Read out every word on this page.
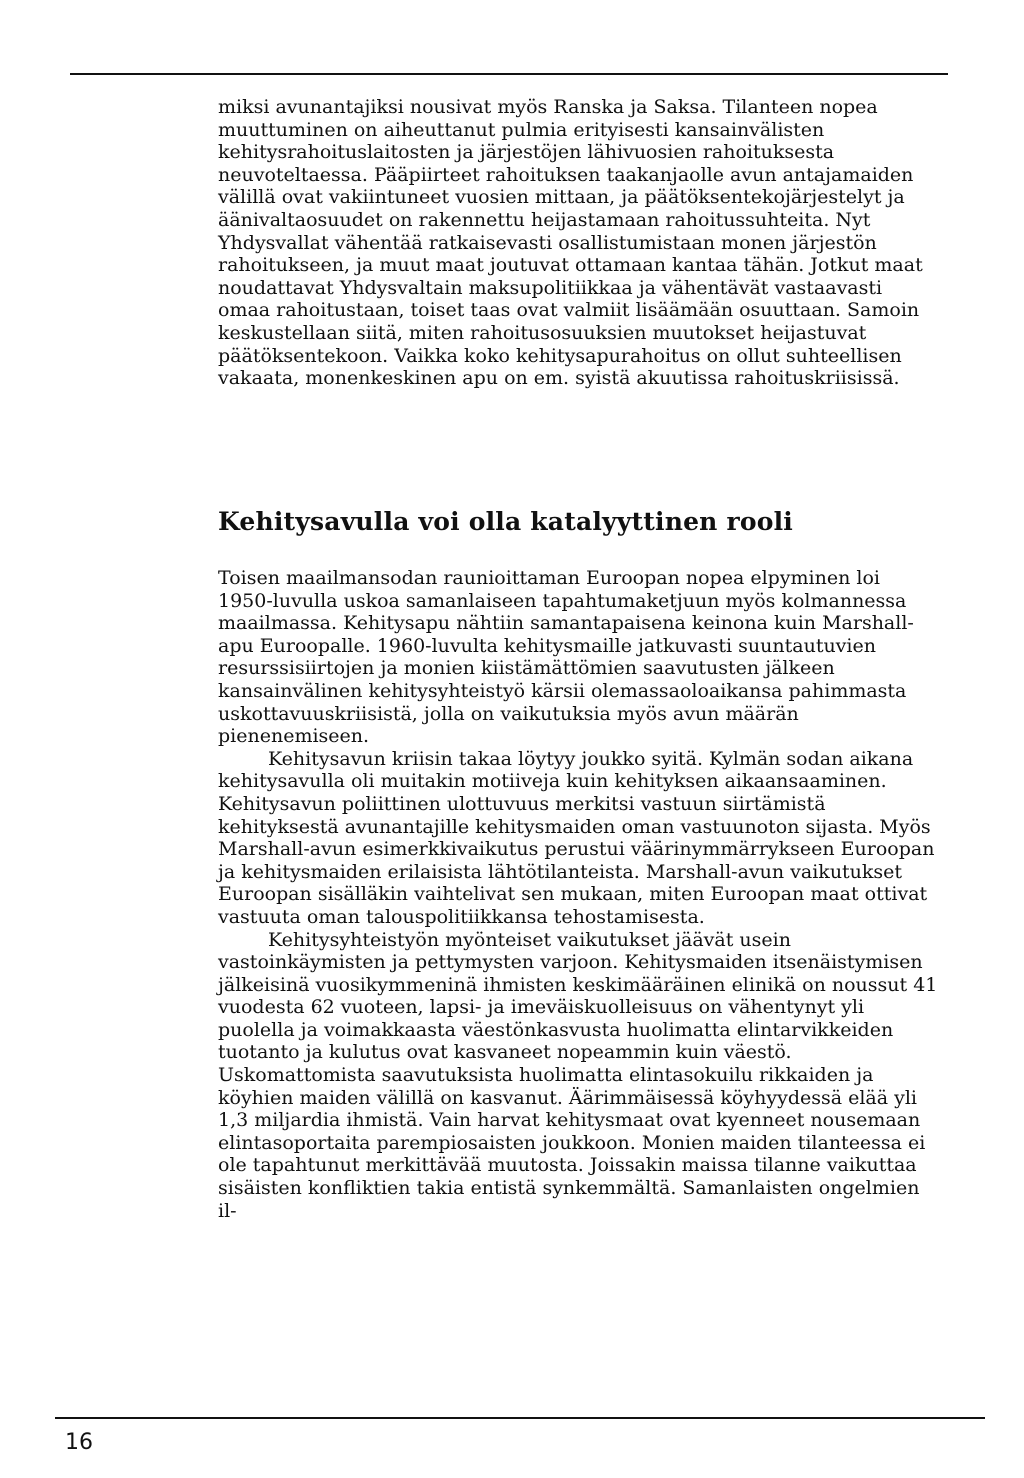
miksi avunantajiksi nousivat myös Ranska ja Saksa. Tilanteen nopea muuttuminen on aiheuttanut pulmia erityisesti kansainvälisten kehitysrahoituslaitosten ja järjestöjen lähivuosien rahoituksesta neuvoteltaessa. Pääpiirteet rahoituksen taakanjaolle avun antajamaiden välillä ovat vakiintuneet vuosien mittaan, ja päätöksentekojärjestelyt ja äänivaltaosuudet on rakennettu heijastamaan rahoitussuhteita. Nyt Yhdysvallat vähentää ratkaisevasti osallistumistaan monen järjestön rahoitukseen, ja muut maat joutuvat ottamaan kantaa tähän. Jotkut maat noudattavat Yhdysvaltain maksupolitiikkaa ja vähentävät vastaavasti omaa rahoitustaan, toiset taas ovat valmiit lisäämään osuuttaan. Samoin keskustellaan siitä, miten rahoitusosuuksien muutokset heijastuvat päätöksentekoon. Vaikka koko kehitysapurahoitus on ollut suhteellisen vakaata, monenkeskinen apu on em. syistä akuutissa rahoituskriisissä.

Kehitysavulla voi olla katalyyttinen rooli

Toisen maailmansodan raunioittaman Euroopan nopea elpyminen loi 1950-luvulla uskoa samanlaiseen tapahtumaketjuun myös kolmannessa maailmassa. Kehitysapu nähtiin samantapaisena keinona kuin Marshall-apu Euroopalle. 1960-luvulta kehitysmaille jatkuvasti suuntautuvien resurssisiirtojen ja monien kiistämättömien saavutusten jälkeen kansainvälinen kehitysyhteistyö kärsii olemassaoloaikansa pahimmasta uskottavuuskriisistä, jolla on vaikutuksia myös avun määrän pienenemiseen.

Kehitysavun kriisin takaa löytyy joukko syitä. Kylmän sodan aikana kehitysavulla oli muitakin motiiveja kuin kehityksen aikaansaaminen. Kehitysavun poliittinen ulottuvuus merkitsi vastuun siirtämistä kehityksestä avunantajille kehitysmaiden oman vastuunoton sijasta. Myös Marshall-avun esimerkkivaikutus perustui väärinymmärrykseen Euroopan ja kehitysmaiden erilaisista lähtötilanteista. Marshall-avun vaikutukset Euroopan sisälläkin vaihtelivat sen mukaan, miten Euroopan maat ottivat vastuuta oman talouspolitiikkansa tehostamisesta.

Kehitysyhteistyön myönteiset vaikutukset jäävät usein vastoinkäymisten ja pettymysten varjoon. Kehitysmaiden itsenäistymisen jälkeisinä vuosikymmeninä ihmisten keskimääräinen elinikä on noussut 41 vuodesta 62 vuoteen, lapsi- ja imeväiskuolleisuus on vähentynyt yli puolella ja voimakkaasta väestönkasvusta huolimatta elintarvikkeiden tuotanto ja kulutus ovat kasvaneet nopeammin kuin väestö. Uskomattomista saavutuksista huolimatta elintasokuilu rikkaiden ja köyhien maiden välillä on kasvanut. Äärimmäisessä köyhyydessä elää yli 1,3 miljardia ihmistä. Vain harvat kehitysmaat ovat kyenneet nousemaan elintasoportaita parempiosaisten joukkoon. Monien maiden tilanteessa ei ole tapahtunut merkittävää muutosta. Joissakin maissa tilanne vaikuttaa sisäisten konfliktien takia entistä synkemmältä. Samanlaisten ongelmien il-

16
